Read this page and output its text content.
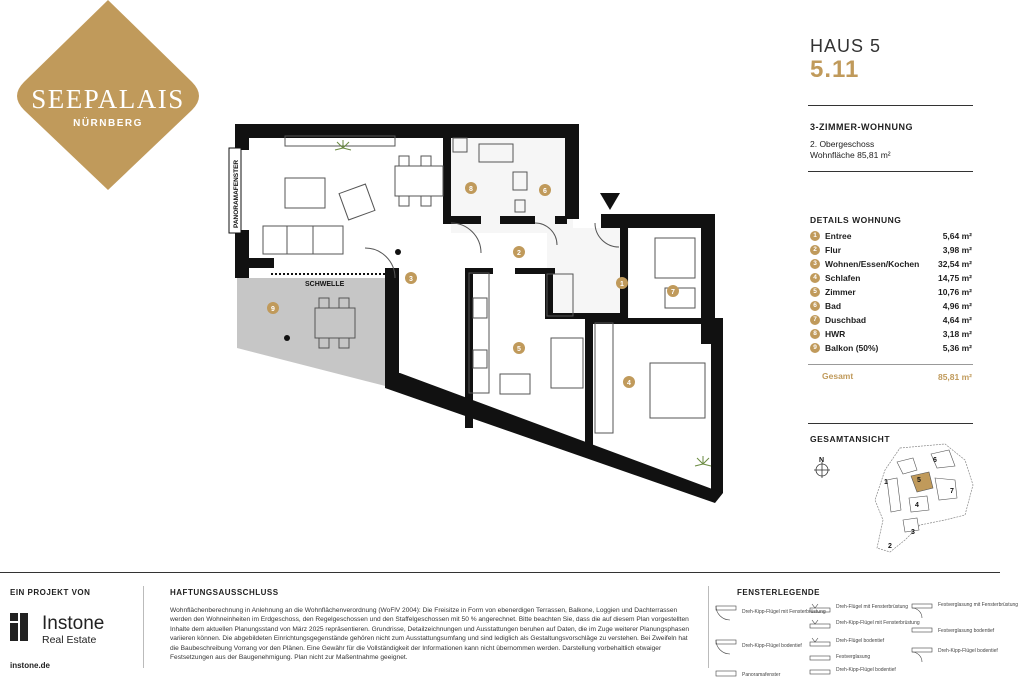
SEEPALAIS
NÜRNBERG
PANORAMAFENSTER
SCHWELLE	1
2
3
4
5
6
7
8
9
HAUS 5
5.11
3-ZIMMER-WOHNUNG
2. Obergeschoss
Wohnfläche 85,81 m²
DETAILS WOHNUNG
1 Entree	5,64 m²
2 Flur	3,98 m²
3 Wohnen/Essen/Kochen 32,54 m²
4 Schlafen	14,75 m²
5 Zimmer	10,76 m²
6 Bad	4,96 m²
7 Duschbad	4,64 m²
8 HWR	3,18 m²
9 Balkon (50%)	5,36 m²
Gesamt	85,81 m²
GESAMTANSICHT
N
1
2
3
4
5
6
7
EIN PROJEKT VON
Instone
Real Estate
instone.de
HAFTUNGSAUSSCHLUSS
Wohnflächenberechnung in Anlehnung an die Wohnflächenverordnung (WoFlV 2004): Die Freisitze in Form von ebenerdigen Terrassen, Balkone, Loggien und Dachterrassen werden den Wohneinheiten im Erdgeschoss, den Regelgeschossen und den Staffelgeschossen mit 50 % angerechnet. Bitte beachten Sie, dass die auf diesem Plan vorgestellten Inhalte dem aktuellen Planungsstand von März 2025 repräsentieren. Grundrisse, Detailzeichnungen und Ausstattungen beruhen auf Daten, die im Zuge weiterer Planungsphasen variieren können. Die abgebildeten Einrichtungsgegenstände gehören nicht zum Ausstattungsumfang und sind lediglich als Gestaltungsvorschläge zu verstehen. Bei Zweifeln hat die Baubeschreibung Vorrang vor den Plänen. Eine Gewähr für die Vollständigkeit der Informationen kann nicht übernommen werden. Darstellung vorbehaltlich etwaiger Festsetzungen aus der Baugenehmigung. Plan nicht zur Maßentnahme geeignet.
FENSTERLEGENDE
Dreh-Kipp-Flügel mit Fensterbrüstung
Dreh-Kipp-Flügel bodentief
Panoramafenster
Dreh-Flügel mit Fensterbrüstung
Dreh-Kipp-Flügel mit Fensterbrüstung
Dreh-Flügel bodentief
Festverglasung
Dreh-Kipp-Flügel bodentief
Festverglasung mit Fensterbrüstung
Festverglasung bodentief
Dreh-Kipp-Flügel bodentief
